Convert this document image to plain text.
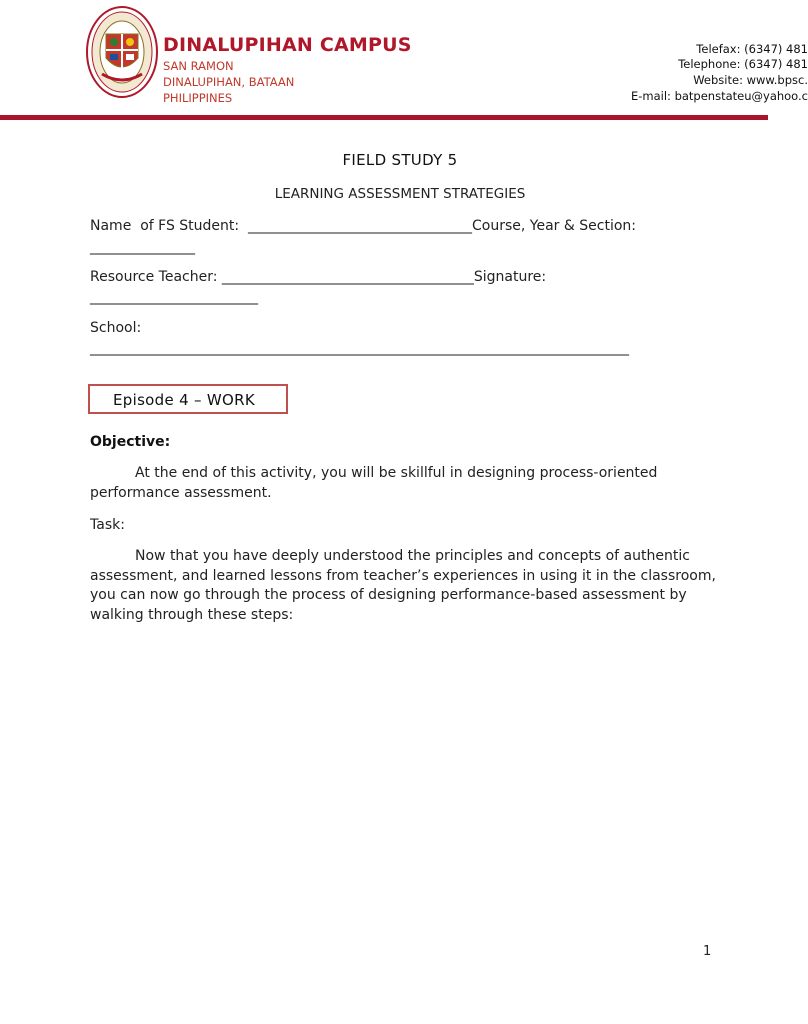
DINALUPIHAN CAMPUS
SAN RAMON
DINALUPIHAN, BATAAN
PHILIPPINES
Telefax: (6347) 481
Telephone: (6347) 481
Website: www.bpsc.
E-mail: batpenstateu@yahoo.c
FIELD STUDY 5
LEARNING ASSESSMENT STRATEGIES
Name  of FS Student:  ________________________________Course, Year & Section:
_______________
Resource Teacher: ____________________________________Signature:
________________________
School:
_____________________________________________________________________________
Episode 4 – WORK
Objective:
At the end of this activity, you will be skillful in designing process-oriented performance assessment.
Task:
Now that you have deeply understood the principles and concepts of authentic assessment, and learned lessons from teacher’s experiences in using it in the classroom, you can now go through the process of designing performance-based assessment by walking through these steps:
1
